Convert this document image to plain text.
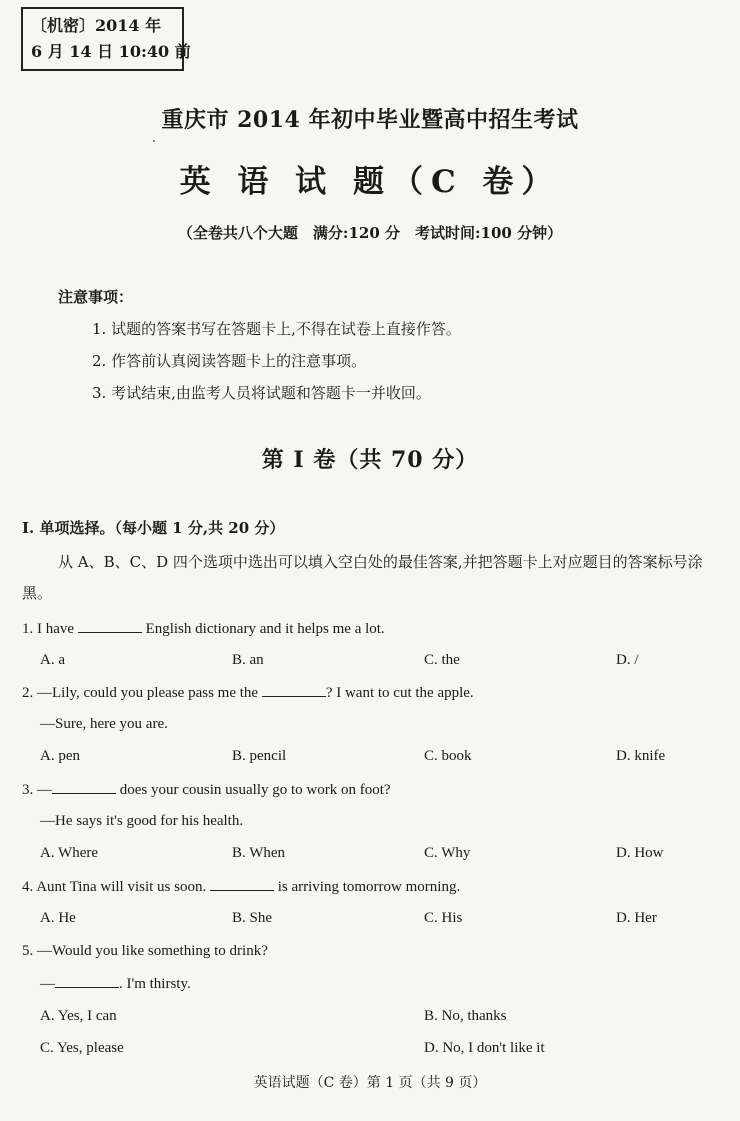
〔机密〕2014 年
6 月 14 日 10:40 前
重庆市 2014 年初中毕业暨高中招生考试
英 语 试 题（C 卷）
（全卷共八个大题　满分:120 分　考试时间:100 分钟）
注意事项：
1. 试题的答案书写在答题卡上,不得在试卷上直接作答。
2. 作答前认真阅读答题卡上的注意事项。
3. 考试结束,由监考人员将试题和答题卡一并收回。
第 Ⅰ 卷（共 70 分）
Ⅰ. 单项选择。（每小题 1 分,共 20 分）
从 A、B、C、D 四个选项中选出可以填入空白处的最佳答案,并把答题卡上对应题目的答案标号涂黑。
1. I have	English dictionary and it helps me a lot.
A. a	B. an	C. the	D. /
2. —Lily, could you please pass me the	? I want to cut the apple.
—Sure, here you are.
A. pen	B. pencil	C. book	D. knife
3. —	does your cousin usually go to work on foot?
—He says it's good for his health.
A. Where	B. When	C. Why	D. How
4. Aunt Tina will visit us soon.	is arriving tomorrow morning.
A. He	B. She	C. His	D. Her
5. —Would you like something to drink?
—	. I'm thirsty.
A. Yes, I can	B. No, thanks
C. Yes, please	D. No, I don't like it
英语试题（C 卷）第 1 页（共 9 页）
